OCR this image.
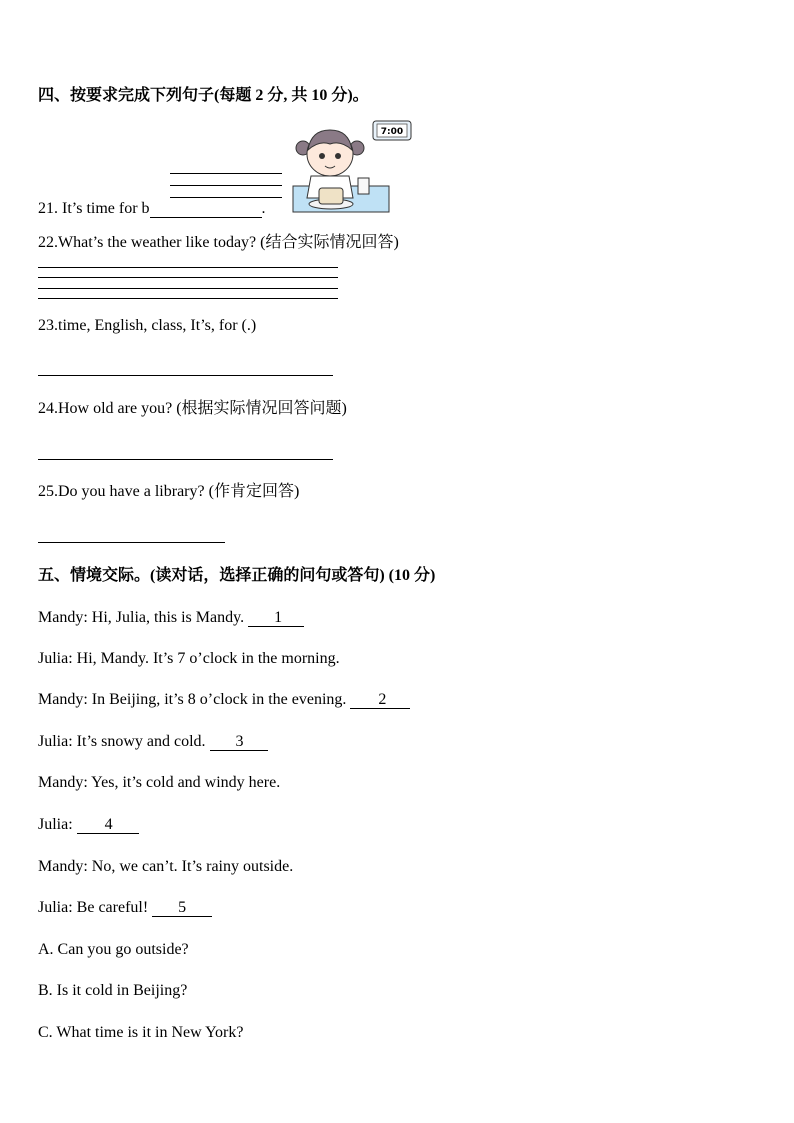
四、按要求完成下列句子(每题 2 分, 共 10 分)。
7:00
21. It’s time for b	.
22.What’s the weather like today? (结合实际情况回答)
23.time, English, class, It’s, for (.)
24.How old are you? (根据实际情况回答问题)
25.Do you have a library? (作肯定回答)
五、情境交际。(读对话，选择正确的问句或答句) (10 分)
Mandy: Hi, Julia, this is Mandy. 1
Julia: Hi, Mandy. It’s 7 o’clock in the morning.
Mandy: In Beijing, it’s 8 o’clock in the evening. 2
Julia: It’s snowy and cold. 3
Mandy: Yes, it’s cold and windy here.
Julia: 4
Mandy: No, we can’t. It’s rainy outside.
Julia: Be careful! 5
A. Can you go outside?
B. Is it cold in Beijing?
C. What time is it in New York?
